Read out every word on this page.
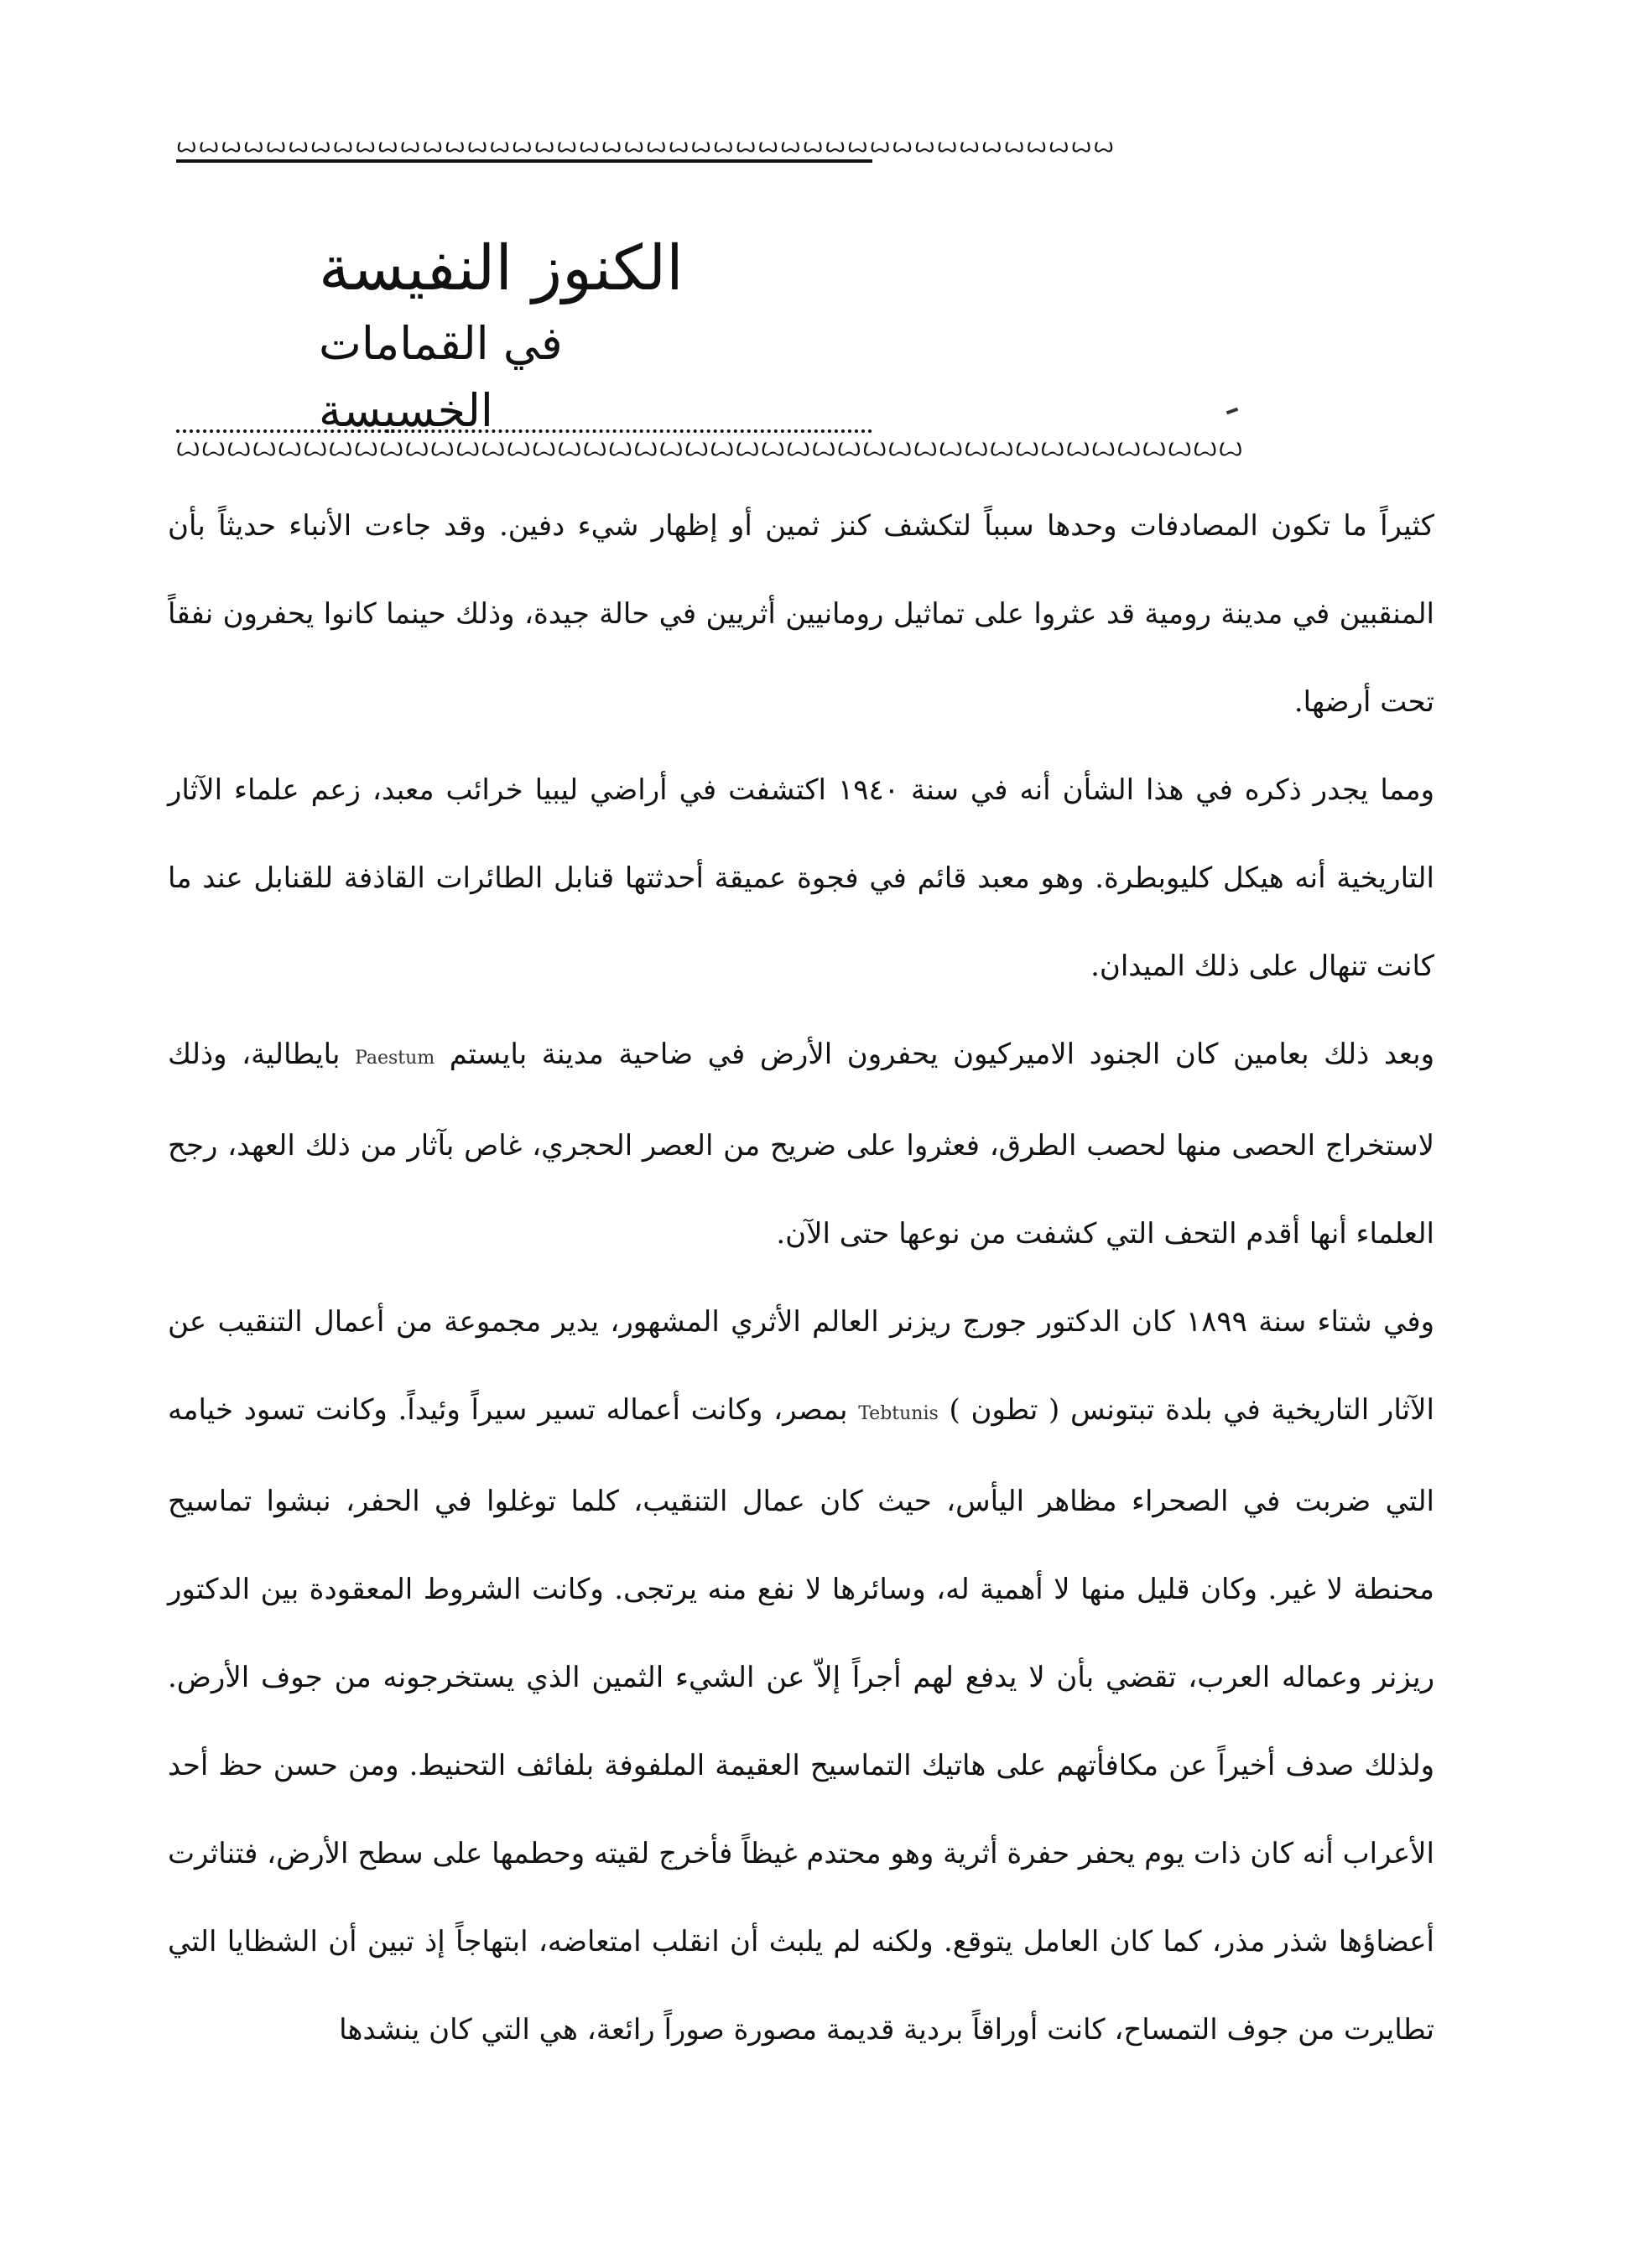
ꙍꙍꙍꙍꙍꙍꙍꙍꙍꙍꙍꙍꙍꙍꙍꙍꙍꙍꙍꙍꙍꙍꙍꙍꙍꙍꙍꙍꙍꙍꙍꙍꙍꙍꙍꙍꙍꙍꙍꙍꙍꙍ
الكنوز النفيسة
في القمامات الخسيسة
ꙌꙌꙌꙌꙌꙌꙌꙌꙌꙌꙌꙌꙌꙌꙌꙌꙌꙌꙌꙌꙌꙌꙌꙌꙌꙌꙌꙌꙌꙌꙌꙌꙌꙌꙌꙌꙌꙌꙌꙌꙌꙌ

كثيراً ما تكون المصادفات وحدها سبباً لتكشف كنز ثمين أو إظهار شيء دفين. وقد جاءت الأنباء حديثاً بأن المنقبين في مدينة رومية قد عثروا على تماثيل رومانيين أثريين في حالة جيدة، وذلك حينما كانوا يحفرون نفقاً تحت أرضها.

ومما يجدر ذكره في هذا الشأن أنه في سنة ١٩٤٠ اكتشفت في أراضي ليبيا خرائب معبد، زعم علماء الآثار التاريخية أنه هيكل كليوبطرة. وهو معبد قائم في فجوة عميقة أحدثتها قنابل الطائرات القاذفة للقنابل عند ما كانت تنهال على ذلك الميدان.

وبعد ذلك بعامين كان الجنود الاميركيون يحفرون الأرض في ضاحية مدينة بايستم Paestum بايطالية، وذلك لاستخراج الحصى منها لحصب الطرق، فعثروا على ضريح من العصر الحجري، غاص بآثار من ذلك العهد، رجح العلماء أنها أقدم التحف التي كشفت من نوعها حتى الآن.

وفي شتاء سنة ١٨٩٩ كان الدكتور جورج ريزنر العالم الأثري المشهور، يدير مجموعة من أعمال التنقيب عن الآثار التاريخية في بلدة تبتونس ( تطون ) Tebtunis بمصر، وكانت أعماله تسير سيراً وئيداً. وكانت تسود خيامه التي ضربت في الصحراء مظاهر اليأس، حيث كان عمال التنقيب، كلما توغلوا في الحفر، نبشوا تماسيح محنطة لا غير. وكان قليل منها لا أهمية له، وسائرها لا نفع منه يرتجى. وكانت الشروط المعقودة بين الدكتور ريزنر وعماله العرب، تقضي بأن لا يدفع لهم أجراً إلاّ عن الشيء الثمين الذي يستخرجونه من جوف الأرض. ولذلك صدف أخيراً عن مكافأتهم على هاتيك التماسيح العقيمة الملفوفة بلفائف التحنيط. ومن حسن حظ أحد الأعراب أنه كان ذات يوم يحفر حفرة أثرية وهو محتدم غيظاً فأخرج لقيته وحطمها على سطح الأرض، فتناثرت أعضاؤها شذر مذر، كما كان العامل يتوقع. ولكنه لم يلبث أن انقلب امتعاضه، ابتهاجاً إذ تبين أن الشظايا التي تطايرت من جوف التمساح، كانت أوراقاً بردية قديمة مصورة صوراً رائعة، هي التي كان ينشدها
